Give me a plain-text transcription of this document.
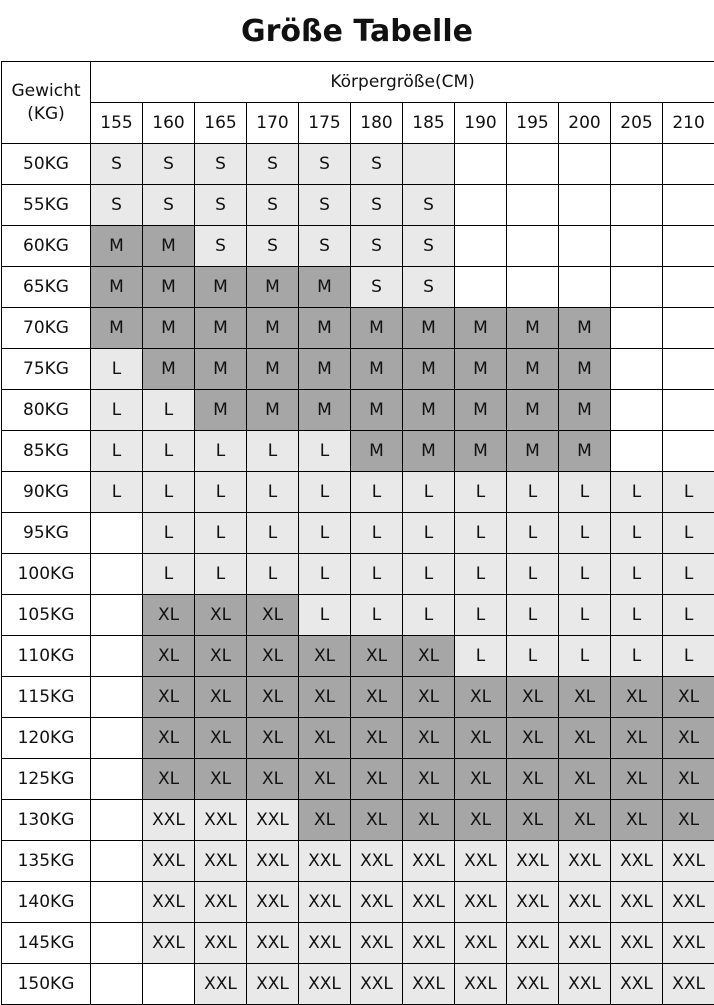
Größe Tabelle
Gewicht (KG)	Körpergröße(CM)											
	155	160	165	170	175	180	185	190	195	200	205	210
50KG	S	S	S	S	S	S						
55KG	S	S	S	S	S	S	S					
60KG	M	M	S	S	S	S	S					
65KG	M	M	M	M	M	S	S					
70KG	M	M	M	M	M	M	M	M	M	M		
75KG	L	M	M	M	M	M	M	M	M	M		
80KG	L	L	M	M	M	M	M	M	M	M		
85KG	L	L	L	L	L	M	M	M	M	M		
90KG	L	L	L	L	L	L	L	L	L	L	L	L
95KG		L	L	L	L	L	L	L	L	L	L	L
100KG		L	L	L	L	L	L	L	L	L	L	L
105KG		XL	XL	XL	L	L	L	L	L	L	L	L
110KG		XL	XL	XL	XL	XL	XL	L	L	L	L	L
115KG		XL	XL	XL	XL	XL	XL	XL	XL	XL	XL	XL
120KG		XL	XL	XL	XL	XL	XL	XL	XL	XL	XL	XL
125KG		XL	XL	XL	XL	XL	XL	XL	XL	XL	XL	XL
130KG		XXL	XXL	XXL	XL	XL	XL	XL	XL	XL	XL	XL
135KG		XXL	XXL	XXL	XXL	XXL	XXL	XXL	XXL	XXL	XXL	XXL
140KG		XXL	XXL	XXL	XXL	XXL	XXL	XXL	XXL	XXL	XXL	XXL
145KG		XXL	XXL	XXL	XXL	XXL	XXL	XXL	XXL	XXL	XXL	XXL
150KG			XXL	XXL	XXL	XXL	XXL	XXL	XXL	XXL	XXL	XXL
